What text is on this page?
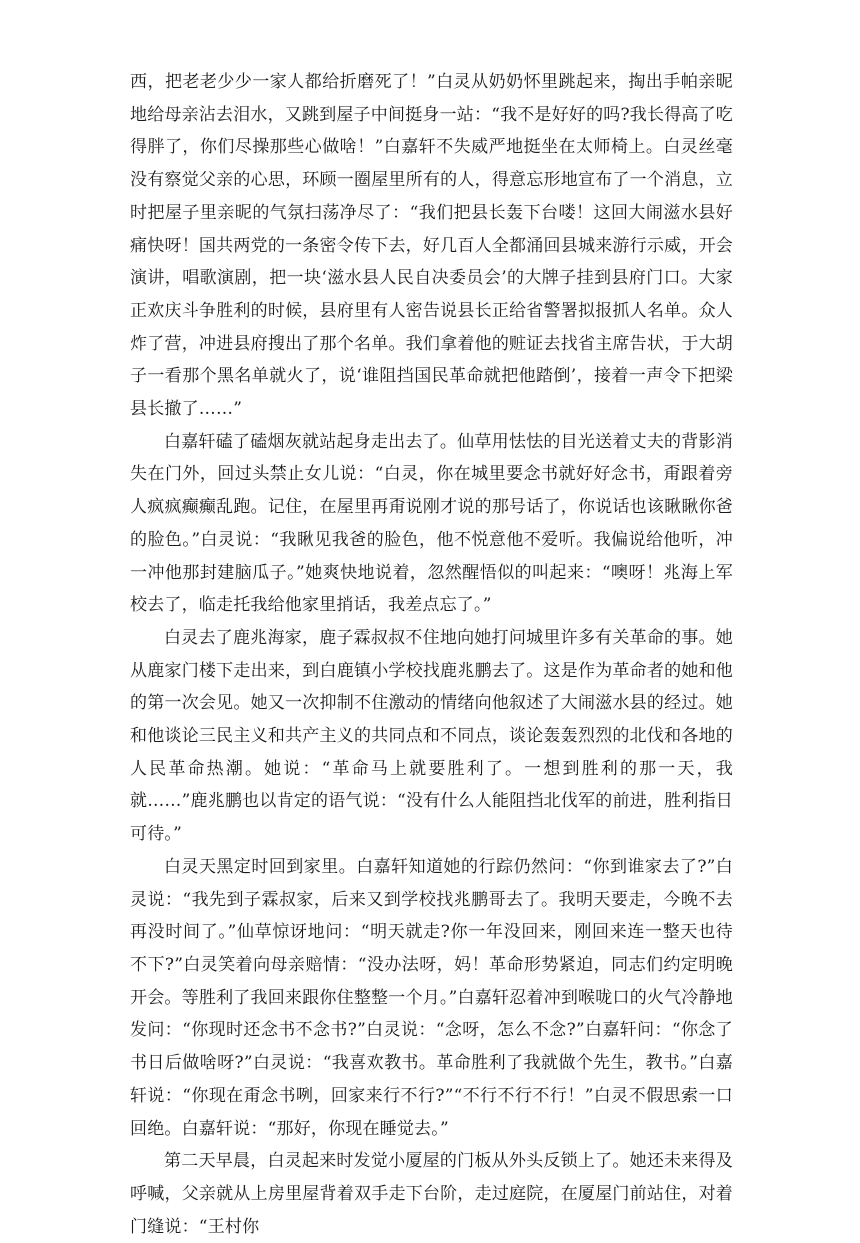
西，把老老少少一家人都给折磨死了！”白灵从奶奶怀里跳起来，掏出手帕亲昵地给母亲沾去泪水，又跳到屋子中间挺身一站：“我不是好好的吗?我长得高了吃得胖了，你们尽操那些心做啥！”白嘉轩不失威严地挺坐在太师椅上。白灵丝毫没有察觉父亲的心思，环顾一圈屋里所有的人，得意忘形地宣布了一个消息，立时把屋子里亲昵的气氛扫荡净尽了：“我们把县长轰下台喽！这回大闹滋水县好痛快呀！国共两党的一条密令传下去，好几百人全都涌回县城来游行示威，开会演讲，唱歌演剧，把一块‘滋水县人民自决委员会’的大牌子挂到县府门口。大家正欢庆斗争胜利的时候，县府里有人密告说县长正给省警署拟报抓人名单。众人炸了营，冲进县府搜出了那个名单。我们拿着他的赃证去找省主席告状，于大胡子一看那个黑名单就火了，说‘谁阻挡国民革命就把他踏倒’，接着一声令下把梁县长撤了……”

白嘉轩磕了磕烟灰就站起身走出去了。仙草用怯怯的目光送着丈夫的背影消失在门外，回过头禁止女儿说：“白灵，你在城里要念书就好好念书，甭跟着旁人疯疯癫癫乱跑。记住，在屋里再甭说刚才说的那号话了，你说话也该瞅瞅你爸的脸色。”白灵说：“我瞅见我爸的脸色，他不悦意他不爱听。我偏说给他听，冲一冲他那封建脑瓜子。”她爽快地说着，忽然醒悟似的叫起来：“噢呀！兆海上军校去了，临走托我给他家里捎话，我差点忘了。”

白灵去了鹿兆海家，鹿子霖叔叔不住地向她打问城里许多有关革命的事。她从鹿家门楼下走出来，到白鹿镇小学校找鹿兆鹏去了。这是作为革命者的她和他的第一次会见。她又一次抑制不住激动的情绪向他叙述了大闹滋水县的经过。她和他谈论三民主义和共产主义的共同点和不同点，谈论轰轰烈烈的北伐和各地的人民革命热潮。她说：“革命马上就要胜利了。一想到胜利的那一天，我就……”鹿兆鹏也以肯定的语气说：“没有什么人能阻挡北伐军的前进，胜利指日可待。”

白灵天黑定时回到家里。白嘉轩知道她的行踪仍然问：“你到谁家去了?”白灵说：“我先到子霖叔家，后来又到学校找兆鹏哥去了。我明天要走，今晚不去再没时间了。”仙草惊讶地问：“明天就走?你一年没回来，刚回来连一整天也待不下?”白灵笑着向母亲赔情：“没办法呀，妈！革命形势紧迫，同志们约定明晚开会。等胜利了我回来跟你住整整一个月。”白嘉轩忍着冲到喉咙口的火气冷静地发问：“你现时还念书不念书?”白灵说：“念呀，怎么不念?”白嘉轩问：“你念了书日后做啥呀?”白灵说：“我喜欢教书。革命胜利了我就做个先生，教书。”白嘉轩说：“你现在甭念书咧，回家来行不行?”“不行不行不行！”白灵不假思索一口回绝。白嘉轩说：“那好，你现在睡觉去。”

第二天早晨，白灵起来时发觉小厦屋的门板从外头反锁上了。她还未来得及呼喊，父亲就从上房里屋背着双手走下台阶，走过庭院，在厦屋门前站住，对着门缝说：“王村你
